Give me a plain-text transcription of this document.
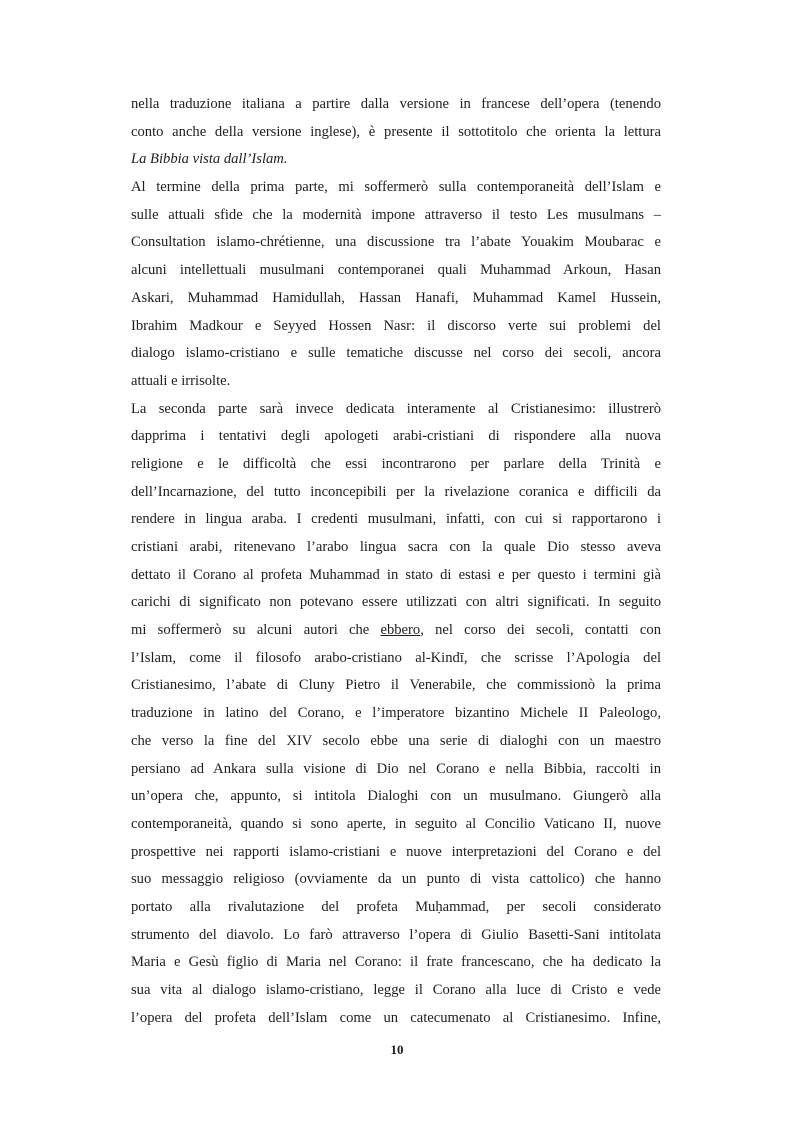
nella traduzione italiana a partire dalla versione in francese dell’opera (tenendo
conto anche della versione inglese), è presente il sottotitolo che orienta la lettura
La Bibbia vista dall’Islam.
Al termine della prima parte, mi soffermerò sulla contemporaneità dell’Islam e
sulle attuali sfide che la modernità impone attraverso il testo Les musulmans –
Consultation islamo-chrétienne, una discussione tra l’abate Youakim Moubarac e
alcuni intellettuali musulmani contemporanei quali Muhammad Arkoun, Hasan
Askari, Muhammad Hamidullah, Hassan Hanafi, Muhammad Kamel Hussein,
Ibrahim Madkour e Seyyed Hossen Nasr: il discorso verte sui problemi del
dialogo islamo-cristiano e sulle tematiche discusse nel corso dei secoli, ancora
attuali e irrisolte.
La seconda parte sarà invece dedicata interamente al Cristianesimo: illustrerò
dapprima i tentativi degli apologeti arabi-cristiani di rispondere alla nuova
religione e le difficoltà che essi incontrarono per parlare della Trinità e
dell’Incarnazione, del tutto inconcepibili per la rivelazione coranica e difficili da
rendere in lingua araba. I credenti musulmani, infatti, con cui si rapportarono i
cristiani arabi, ritenevano l’arabo lingua sacra con la quale Dio stesso aveva
dettato il Corano al profeta Muhammad in stato di estasi e per questo i termini già
carichi di significato non potevano essere utilizzati con altri significati. In seguito
mi soffermerò su alcuni autori che ebbero, nel corso dei secoli, contatti con
l’Islam, come il filosofo arabo-cristiano al-Kindī, che scrisse l’Apologia del
Cristianesimo, l’abate di Cluny Pietro il Venerabile, che commissionò la prima
traduzione in latino del Corano, e l’imperatore bizantino Michele II Paleologo,
che verso la fine del XIV secolo ebbe una serie di dialoghi con un maestro
persiano ad Ankara sulla visione di Dio nel Corano e nella Bibbia, raccolti in
un’opera che, appunto, si intitola Dialoghi con un musulmano. Giungerò alla
contemporaneità, quando si sono aperte, in seguito al Concilio Vaticano II, nuove
prospettive nei rapporti islamo-cristiani e nuove interpretazioni del Corano e del
suo messaggio religioso (ovviamente da un punto di vista cattolico) che hanno
portato alla rivalutazione del profeta Muḥammad, per secoli considerato
strumento del diavolo. Lo farò attraverso l’opera di Giulio Basetti-Sani intitolata
Maria e Gesù figlio di Maria nel Corano: il frate francescano, che ha dedicato la
sua vita al dialogo islamo-cristiano, legge il Corano alla luce di Cristo e vede
l’opera del profeta dell’Islam come un catecumenato al Cristianesimo. Infine,
10
